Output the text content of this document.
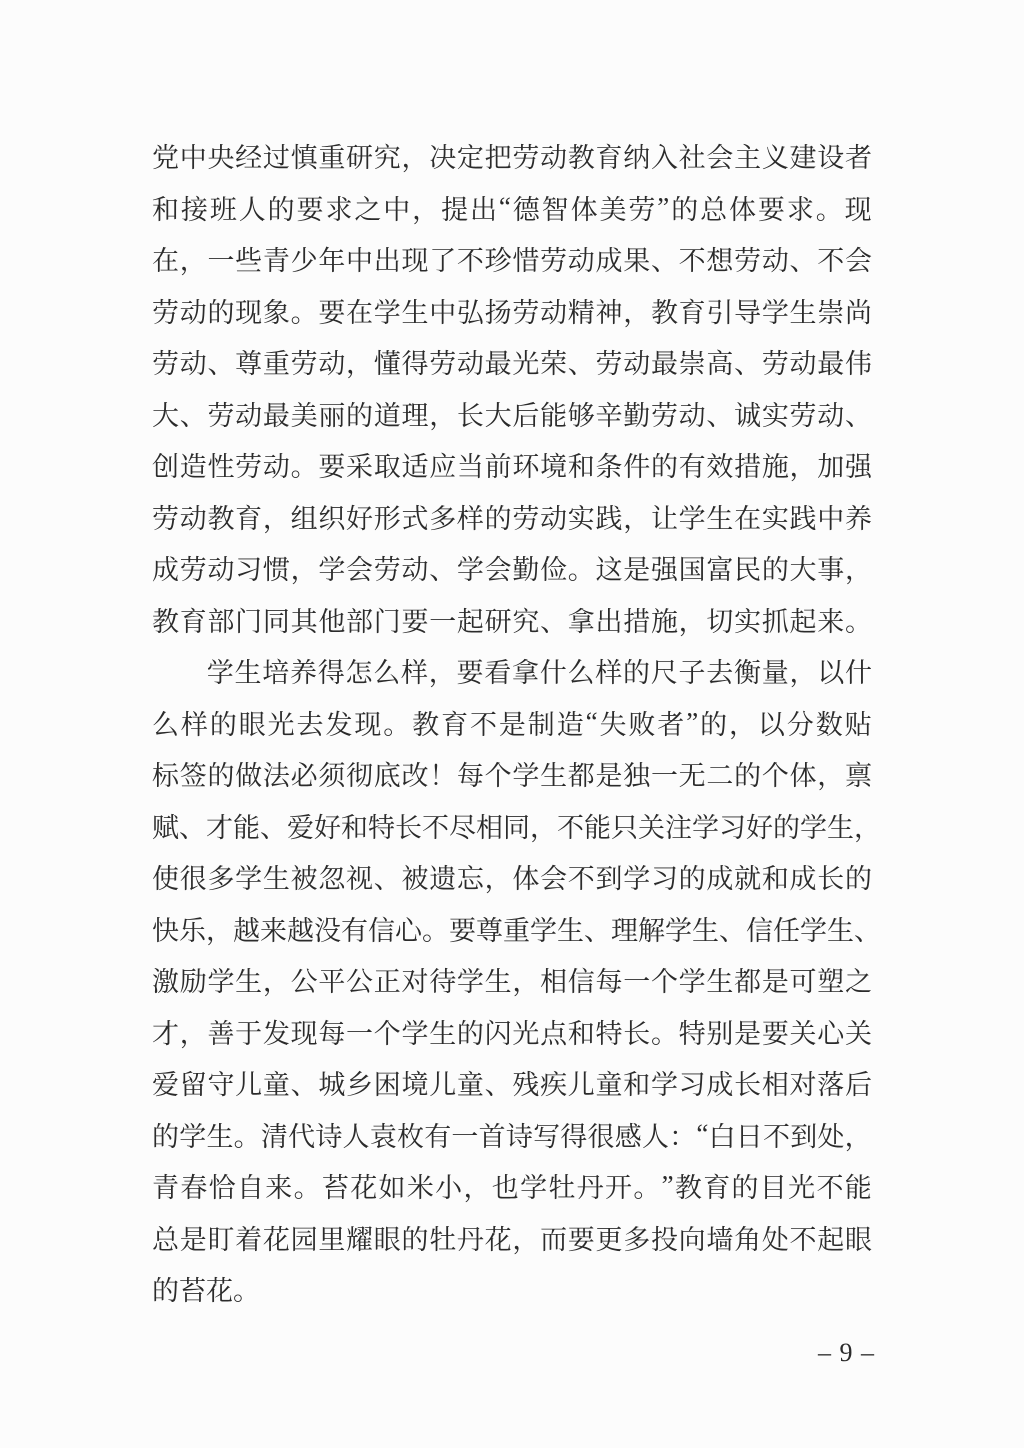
党 中 央 经 过 慎 重 研 究 ， 决 定 把 劳 动 教 育 纳 入 社 会 主 义 建 设 者
和 接 班 人 的 要 求 之 中 ， 提 出 “ 德 智 体 美 劳 ” 的 总 体 要 求 。 现
在 ， 一 些 青 少 年 中 出 现 了 不 珍 惜 劳 动 成 果 、 不 想 劳 动 、 不 会
劳 动 的 现 象 。 要 在 学 生 中 弘 扬 劳 动 精 神 ， 教 育 引 导 学 生 崇 尚
劳 动 、 尊 重 劳 动 ， 懂 得 劳 动 最 光 荣 、 劳 动 最 崇 高 、 劳 动 最 伟
大 、 劳 动 最 美 丽 的 道 理 ， 长 大 后 能 够 辛 勤 劳 动 、 诚 实 劳 动 、
创 造 性 劳 动 。 要 采 取 适 应 当 前 环 境 和 条 件 的 有 效 措 施 ， 加 强
劳 动 教 育 ， 组 织 好 形 式 多 样 的 劳 动 实 践 ， 让 学 生 在 实 践 中 养
成 劳 动 习 惯 ， 学 会 劳 动 、 学 会 勤 俭 。 这 是 强 国 富 民 的 大 事 ，
教 育 部 门 同 其 他 部 门 要 一 起 研 究 、 拿 出 措 施 ， 切 实 抓 起 来 。
学 生 培 养 得 怎 么 样 ， 要 看 拿 什 么 样 的 尺 子 去 衡 量 ， 以 什
么 样 的 眼 光 去 发 现 。 教 育 不 是 制 造 “ 失 败 者 ” 的 ， 以 分 数 贴
标 签 的 做 法 必 须 彻 底 改 ！ 每 个 学 生 都 是 独 一 无 二 的 个 体 ， 禀
赋 、 才 能 、 爱 好 和 特 长 不 尽 相 同 ， 不 能 只 关 注 学 习 好 的 学 生 ，
使 很 多 学 生 被 忽 视 、 被 遗 忘 ， 体 会 不 到 学 习 的 成 就 和 成 长 的
快 乐 ， 越 来 越 没 有 信 心 。 要 尊 重 学 生 、 理 解 学 生 、 信 任 学 生 、
激 励 学 生 ， 公 平 公 正 对 待 学 生 ， 相 信 每 一 个 学 生 都 是 可 塑 之
才 ， 善 于 发 现 每 一 个 学 生 的 闪 光 点 和 特 长 。 特 别 是 要 关 心 关
爱 留 守 儿 童 、 城 乡 困 境 儿 童 、 残 疾 儿 童 和 学 习 成 长 相 对 落 后
的 学 生 。 清 代 诗 人 袁 枚 有 一 首 诗 写 得 很 感 人 ： “ 白 日 不 到 处 ，
青 春 恰 自 来 。 苔 花 如 米 小 ， 也 学 牡 丹 开 。 ” 教 育 的 目 光 不 能
总 是 盯 着 花 园 里 耀 眼 的 牡 丹 花 ， 而 要 更 多 投 向 墙 角 处 不 起 眼
的 苔 花 。
– 9 –
